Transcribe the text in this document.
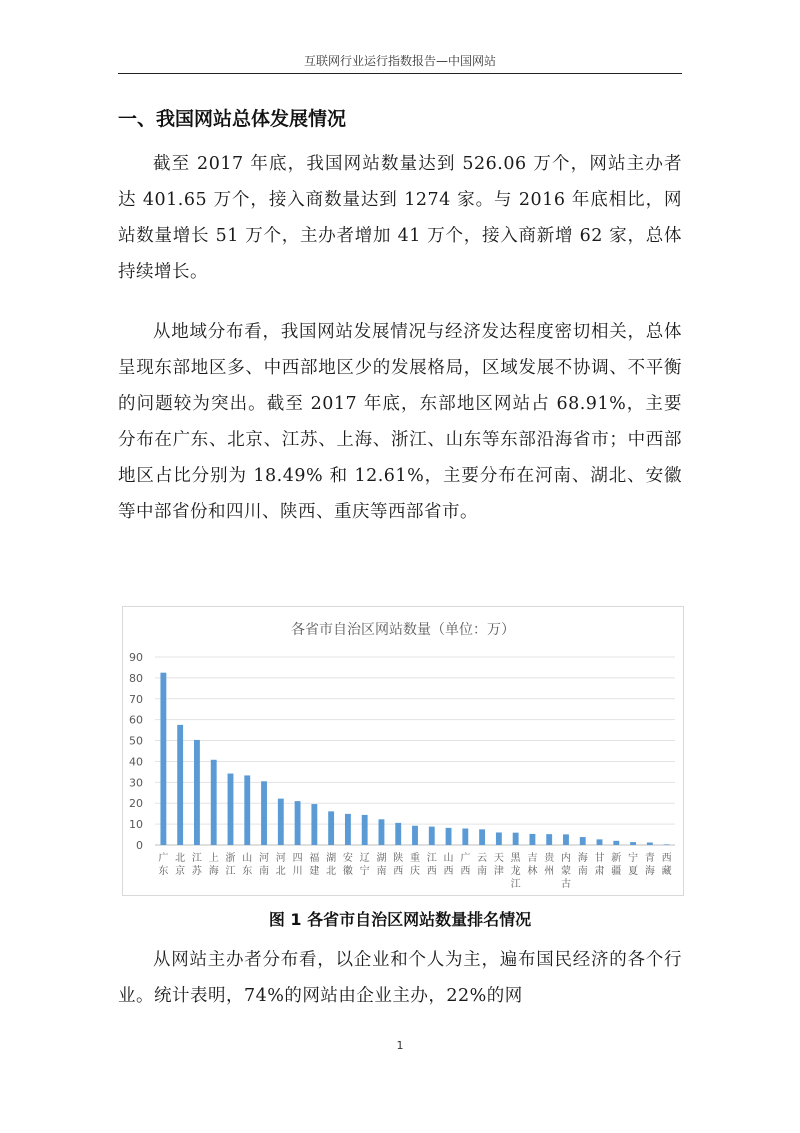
互联网行业运行指数报告—中国网站
一、我国网站总体发展情况

截至 2017 年底，我国网站数量达到 526.06 万个，网站主办者达 401.65 万个，接入商数量达到 1274 家。与 2016 年底相比，网站数量增长 51 万个，主办者增加 41 万个，接入商新增 62 家，总体持续增长。

从地域分布看，我国网站发展情况与经济发达程度密切相关，总体呈现东部地区多、中西部地区少的发展格局，区域发展不协调、不平衡的问题较为突出。截至 2017 年底，东部地区网站占 68.91%，主要分布在广东、北京、江苏、上海、浙江、山东等东部沿海省市；中西部地区占比分别为 18.49% 和 12.61%，主要分布在河南、湖北、安徽等中部省份和四川、陕西、重庆等西部省市。

各省市自治区网站数量（单位：万）
0
10
20
30
40
50
60
70
80
90
广东
北京
江苏
上海
浙江
山东
河南
河北
四川
福建
湖北
安徽
辽宁
湖南
陕西
重庆
江西
山西
广西
云南
天津
黑龙江
吉林
贵州
内蒙古
海南
甘肃
新疆
宁夏
青海
西藏
图 1 各省市自治区网站数量排名情况

从网站主办者分布看，以企业和个人为主，遍布国民经济的各个行业。统计表明，74%的网站由企业主办，22%的网

1
